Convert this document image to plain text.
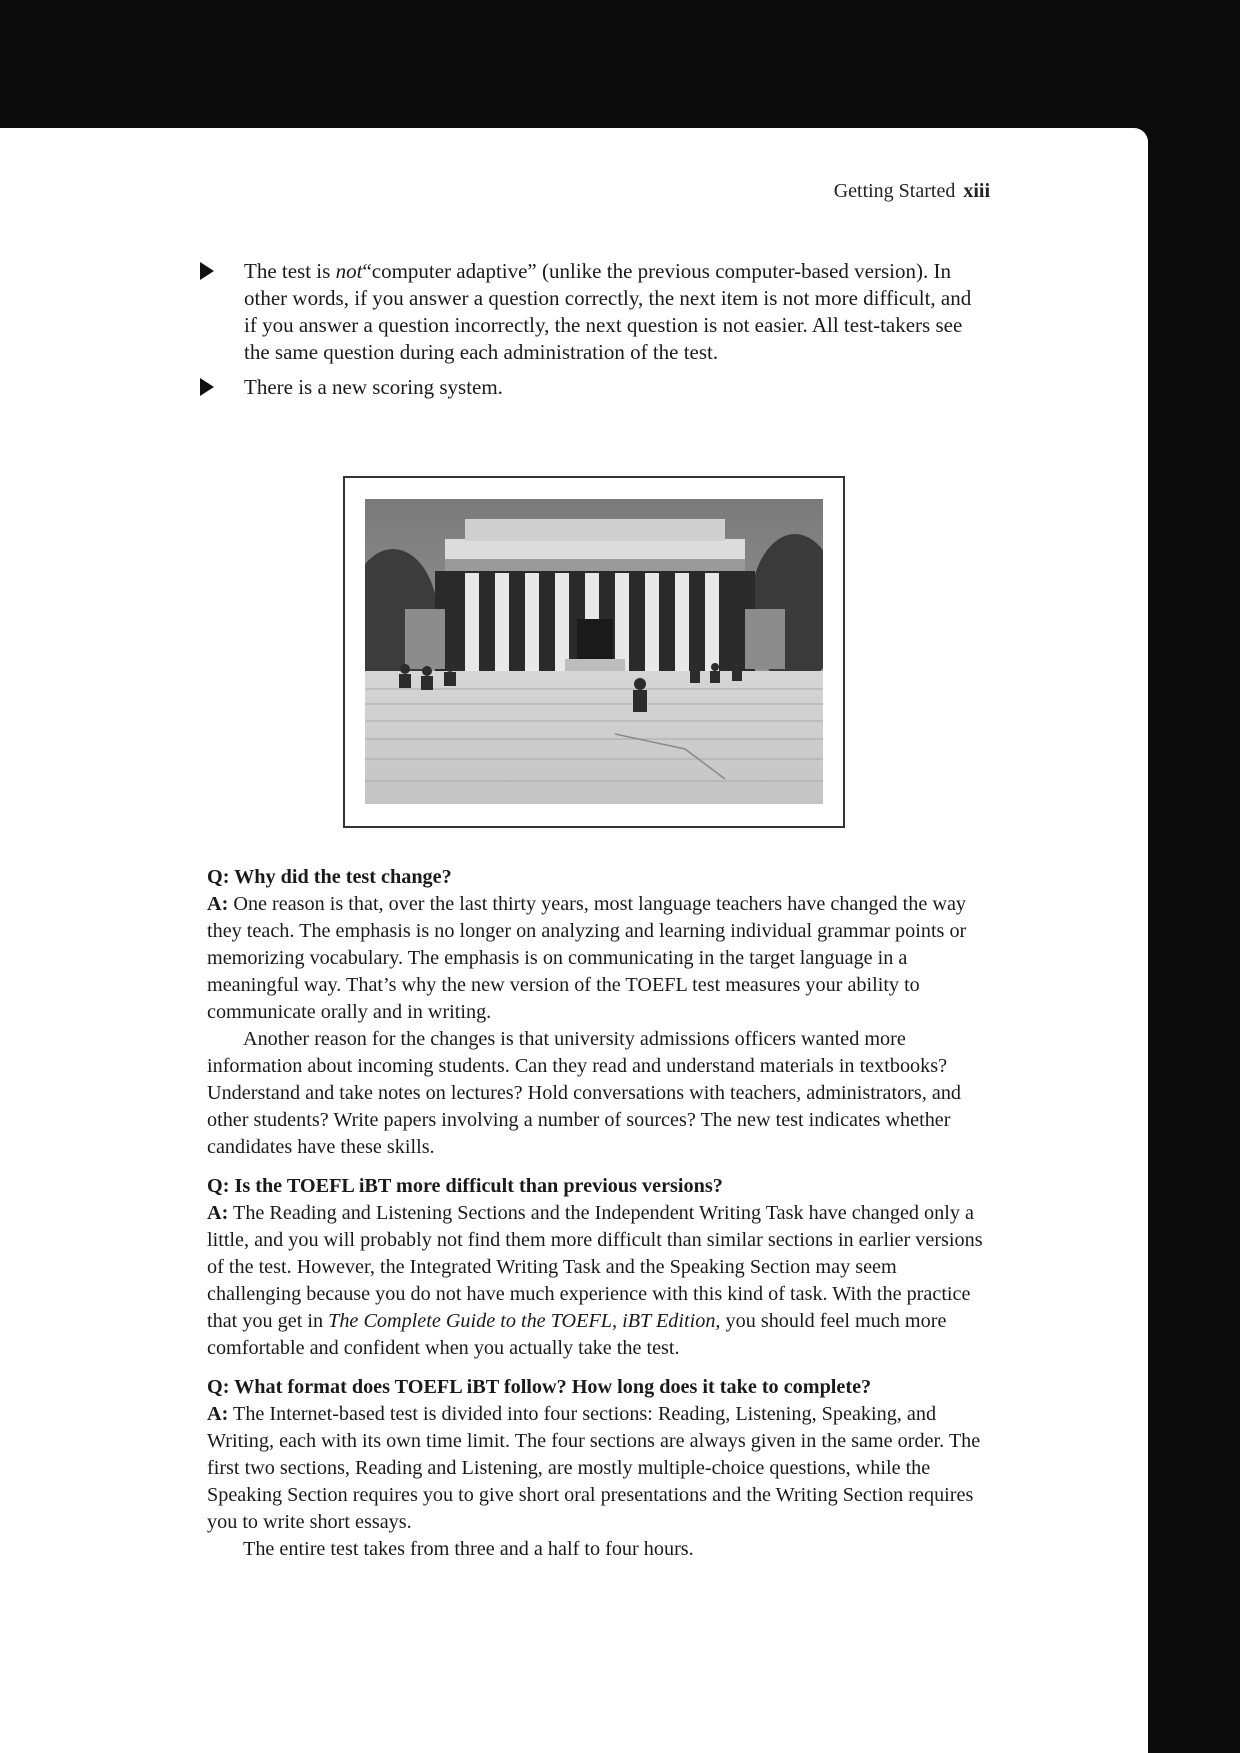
Getting Started xiii
The test is not“computer adaptive” (unlike the previous computer-based version). In other words, if you answer a question correctly, the next item is not more difficult, and if you answer a question incorrectly, the next question is not easier. All test-takers see the same question during each administration of the test.
There is a new scoring system.

Q: Why did the test change?

A: One reason is that, over the last thirty years, most language teachers have changed the way they teach. The emphasis is no longer on analyzing and learning individual grammar points or memorizing vocabulary. The emphasis is on communicating in the target language in a meaningful way. That’s why the new version of the TOEFL test measures your ability to communicate orally and in writing.

Another reason for the changes is that university admissions officers wanted more information about incoming students. Can they read and understand materials in textbooks? Understand and take notes on lectures? Hold conversations with teachers, administrators, and other students? Write papers involving a number of sources? The new test indicates whether candidates have these skills.

Q: Is the TOEFL iBT more difficult than previous versions?

A: The Reading and Listening Sections and the Independent Writing Task have changed only a little, and you will probably not find them more difficult than similar sections in earlier versions of the test. However, the Integrated Writing Task and the Speaking Section may seem challenging because you do not have much experience with this kind of task. With the practice that you get in The Complete Guide to the TOEFL, iBT Edition, you should feel much more comfortable and confident when you actually take the test.

Q: What format does TOEFL iBT follow? How long does it take to complete?

A: The Internet-based test is divided into four sections: Reading, Listening, Speaking, and Writing, each with its own time limit. The four sections are always given in the same order. The first two sections, Reading and Listening, are mostly multiple-choice questions, while the Speaking Section requires you to give short oral presentations and the Writing Section requires you to write short essays.

The entire test takes from three and a half to four hours.
